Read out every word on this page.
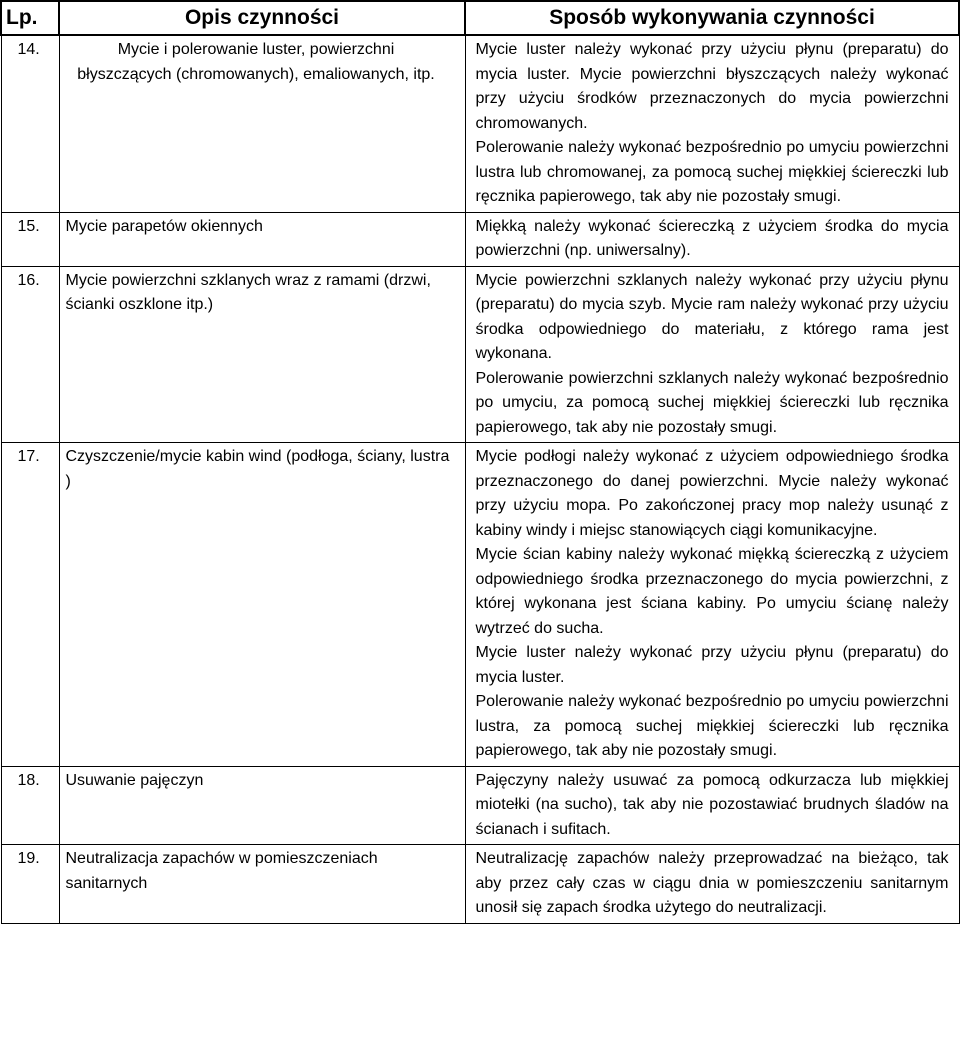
Lp.	Opis czynności	Sposób wykonywania czynności
14.	Mycie i polerowanie luster, powierzchni błyszczących (chromowanych), emaliowanych, itp.	Mycie luster należy wykonać przy użyciu płynu (preparatu) do mycia luster. Mycie powierzchni błyszczących należy wykonać przy użyciu środków przeznaczonych do mycia powierzchni chromowanych.
Polerowanie należy wykonać bezpośrednio po umyciu powierzchni lustra lub chromowanej, za pomocą suchej miękkiej ściereczki lub ręcznika papierowego, tak aby nie pozostały smugi.

15.	Mycie parapetów okiennych	Miękką należy wykonać ściereczką z użyciem środka do mycia powierzchni (np. uniwersalny).

16.	Mycie powierzchni szklanych wraz z ramami (drzwi, ścianki oszklone itp.)	Mycie powierzchni szklanych należy wykonać przy użyciu płynu (preparatu) do mycia szyb. Mycie ram należy wykonać przy użyciu środka odpowiedniego do materiału, z którego rama jest wykonana.
Polerowanie powierzchni szklanych należy wykonać bezpośrednio po umyciu, za pomocą suchej miękkiej ściereczki lub ręcznika papierowego, tak aby nie pozostały smugi.

17.	Czyszczenie/mycie kabin wind (podłoga, ściany, lustra )	Mycie podłogi należy wykonać z użyciem odpowiedniego środka przeznaczonego do danej powierzchni. Mycie należy wykonać przy użyciu mopa. Po zakończonej pracy mop należy usunąć z kabiny windy i miejsc stanowiących ciągi komunikacyjne.
Mycie ścian kabiny należy wykonać miękką ściereczką z użyciem odpowiedniego środka przeznaczonego do mycia powierzchni, z której wykonana jest ściana kabiny. Po umyciu ścianę należy wytrzeć do sucha.
Mycie luster należy wykonać przy użyciu płynu (preparatu) do mycia luster.
Polerowanie należy wykonać bezpośrednio po umyciu powierzchni lustra, za pomocą suchej miękkiej ściereczki lub ręcznika papierowego, tak aby nie pozostały smugi.

18.	Usuwanie pajęczyn	Pajęczyny należy usuwać za pomocą odkurzacza lub miękkiej miotełki (na sucho), tak aby nie pozostawiać brudnych śladów na ścianach i sufitach.

19.	Neutralizacja zapachów w pomieszczeniach sanitarnych	Neutralizację zapachów należy przeprowadzać na bieżąco, tak aby przez cały czas w ciągu dnia w pomieszczeniu sanitarnym unosił się zapach środka użytego do neutralizacji.
